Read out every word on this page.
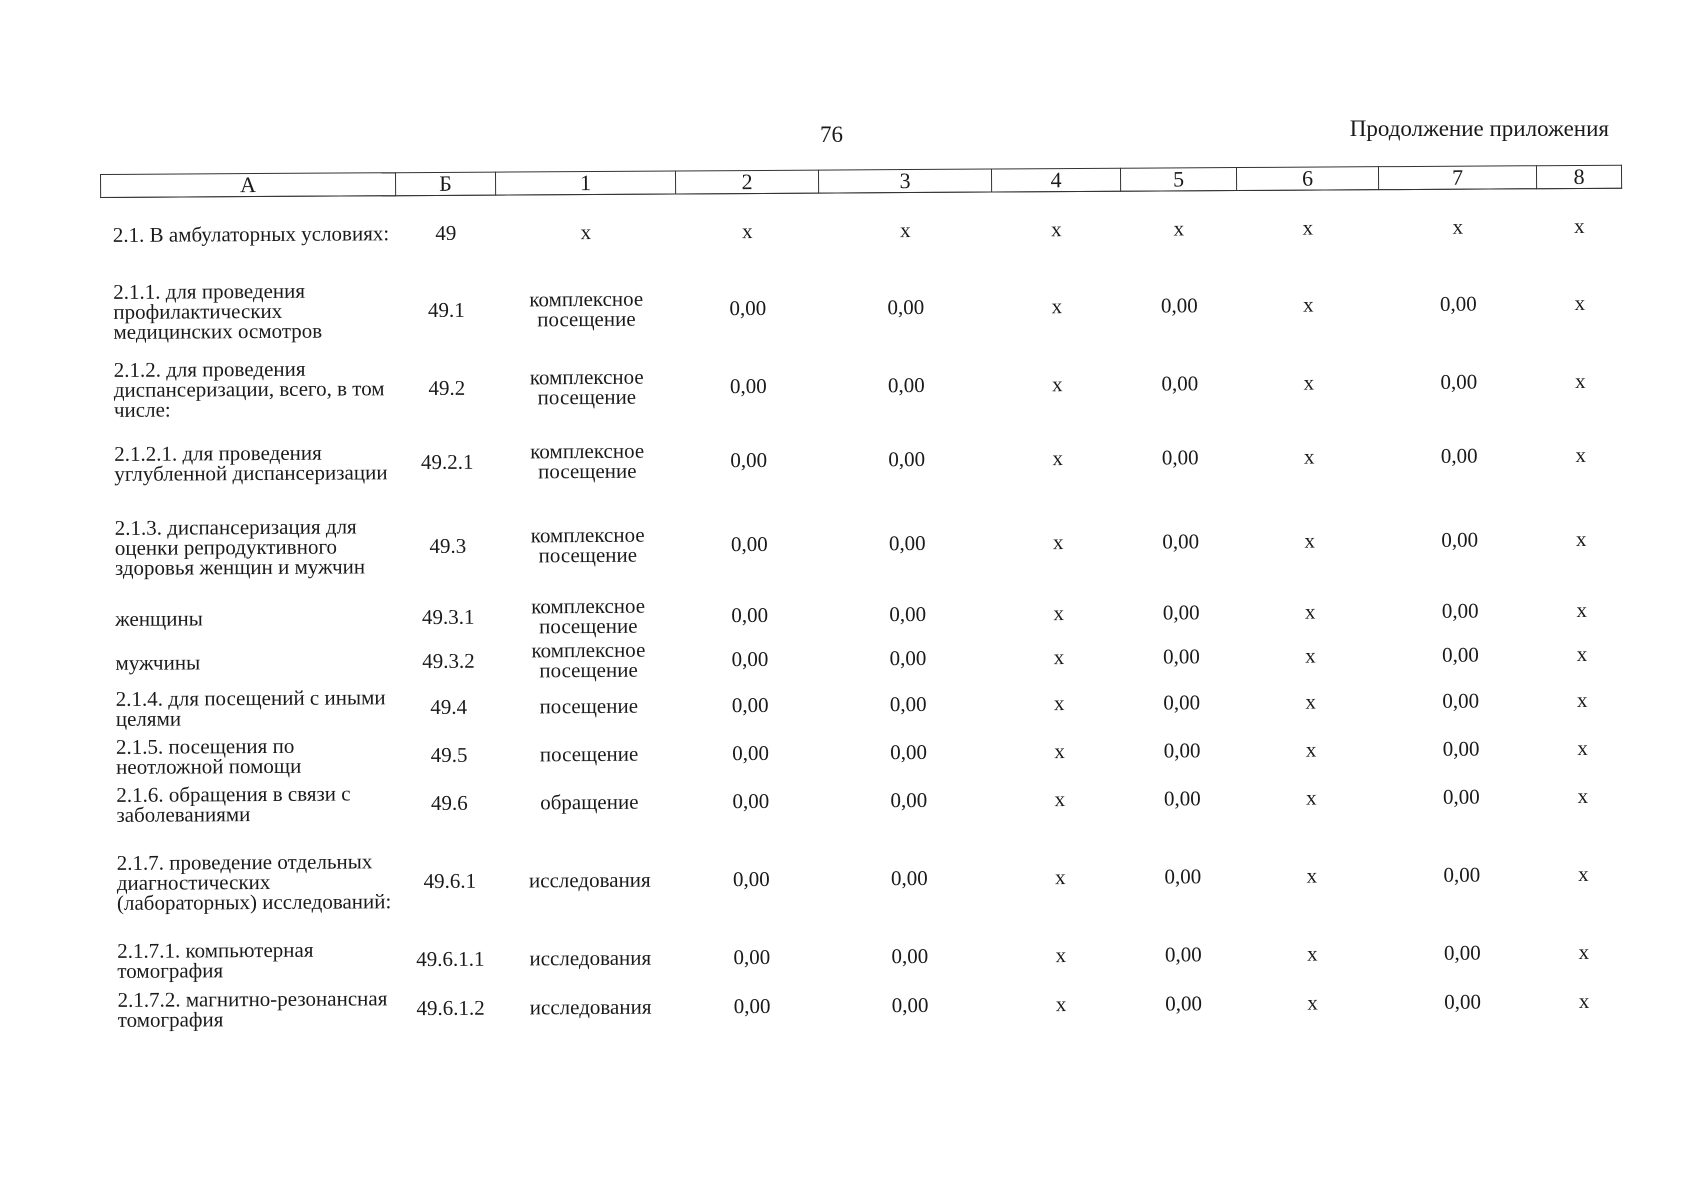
76	Продолжение приложения
А	Б	1	2	3	4	5	6	7	8
2.1. В амбулаторных условиях:	49	х	х	х	х	х	х	х	х
2.1.1. для проведения профилактических медицинских осмотров	49.1	комплексное посещение	0,00	0,00	х	0,00	х	0,00	х
2.1.2. для проведения диспансеризации, всего, в том числе:	49.2	комплексное посещение	0,00	0,00	х	0,00	х	0,00	х
2.1.2.1. для проведения углубленной диспансеризации	49.2.1	комплексное посещение	0,00	0,00	х	0,00	х	0,00	х
2.1.3. диспансеризация для оценки репродуктивного здоровья женщин и мужчин	49.3	комплексное посещение	0,00	0,00	х	0,00	х	0,00	х
женщины	49.3.1	комплексное посещение	0,00	0,00	х	0,00	х	0,00	х
мужчины	49.3.2	комплексное посещение	0,00	0,00	х	0,00	х	0,00	х
2.1.4. для посещений с иными целями	49.4	посещение	0,00	0,00	х	0,00	х	0,00	х
2.1.5. посещения по неотложной помощи	49.5	посещение	0,00	0,00	х	0,00	х	0,00	х
2.1.6. обращения в связи с заболеваниями	49.6	обращение	0,00	0,00	х	0,00	х	0,00	х
2.1.7. проведение отдельных диагностических (лабораторных) исследований:	49.6.1	исследования	0,00	0,00	х	0,00	х	0,00	х
2.1.7.1. компьютерная томография	49.6.1.1	исследования	0,00	0,00	х	0,00	х	0,00	х
2.1.7.2. магнитно-резонансная томография	49.6.1.2	исследования	0,00	0,00	х	0,00	х	0,00	х
